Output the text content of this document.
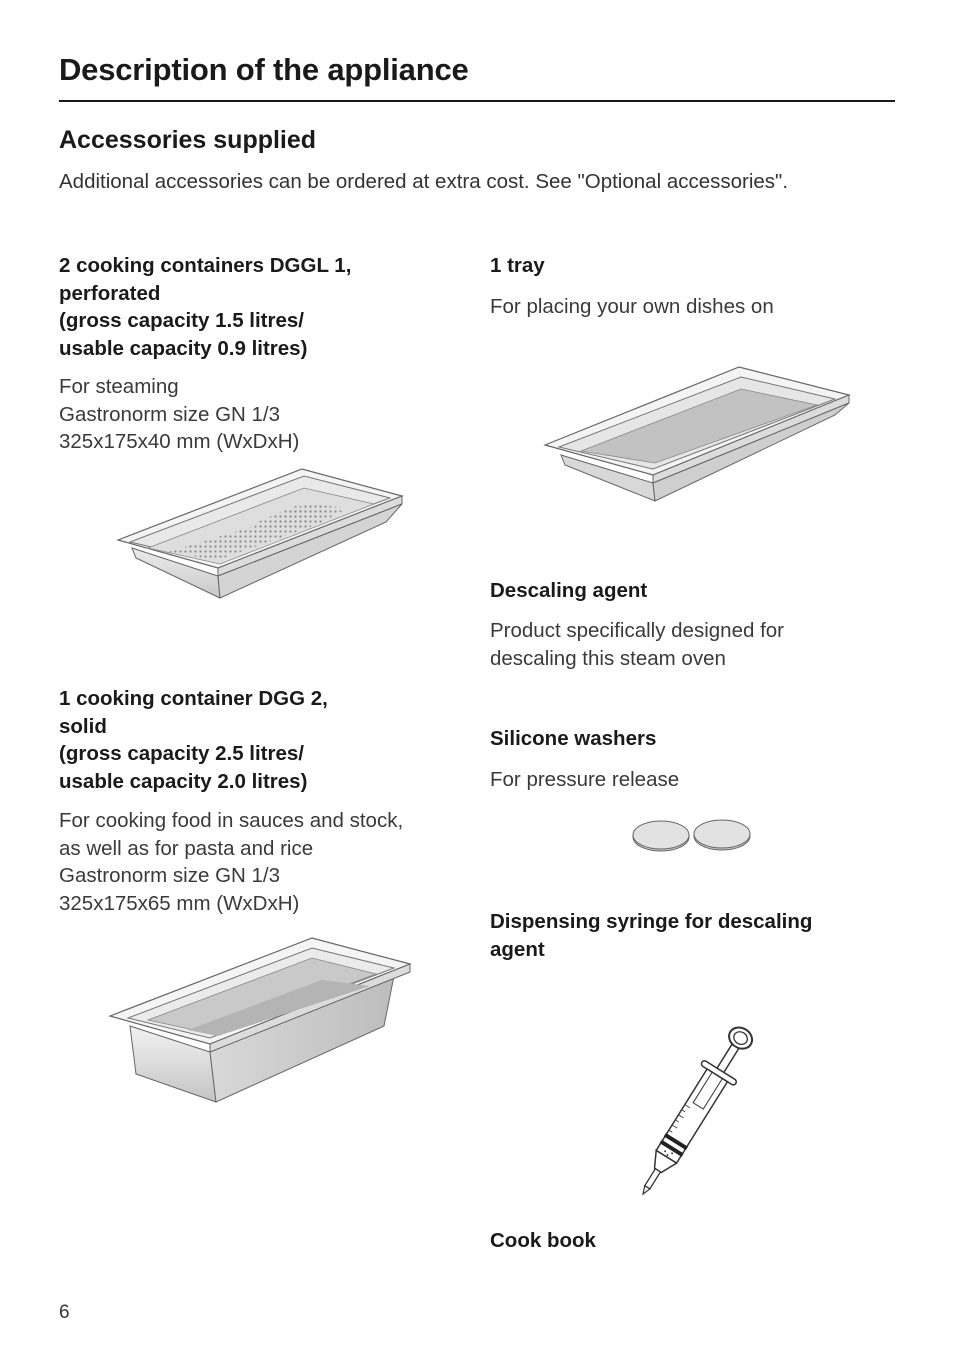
Description of the appliance
Accessories supplied
Additional accessories can be ordered at extra cost. See "Optional accessories".
2 cooking containers DGGL 1,
perforated
(gross capacity 1.5 litres/
usable capacity 0.9 litres)
For steaming
Gastronorm size GN 1/3
325x175x40 mm (WxDxH)
1 cooking container DGG 2,
solid
(gross capacity 2.5 litres/
usable capacity 2.0 litres)
For cooking food in sauces and stock,
as well as for pasta and rice
Gastronorm size GN 1/3
325x175x65 mm (WxDxH)
1 tray
For placing your own dishes on
Descaling agent
Product specifically designed for
descaling this steam oven
Silicone washers
For pressure release
Dispensing syringe for descaling
agent
Cook book
6
